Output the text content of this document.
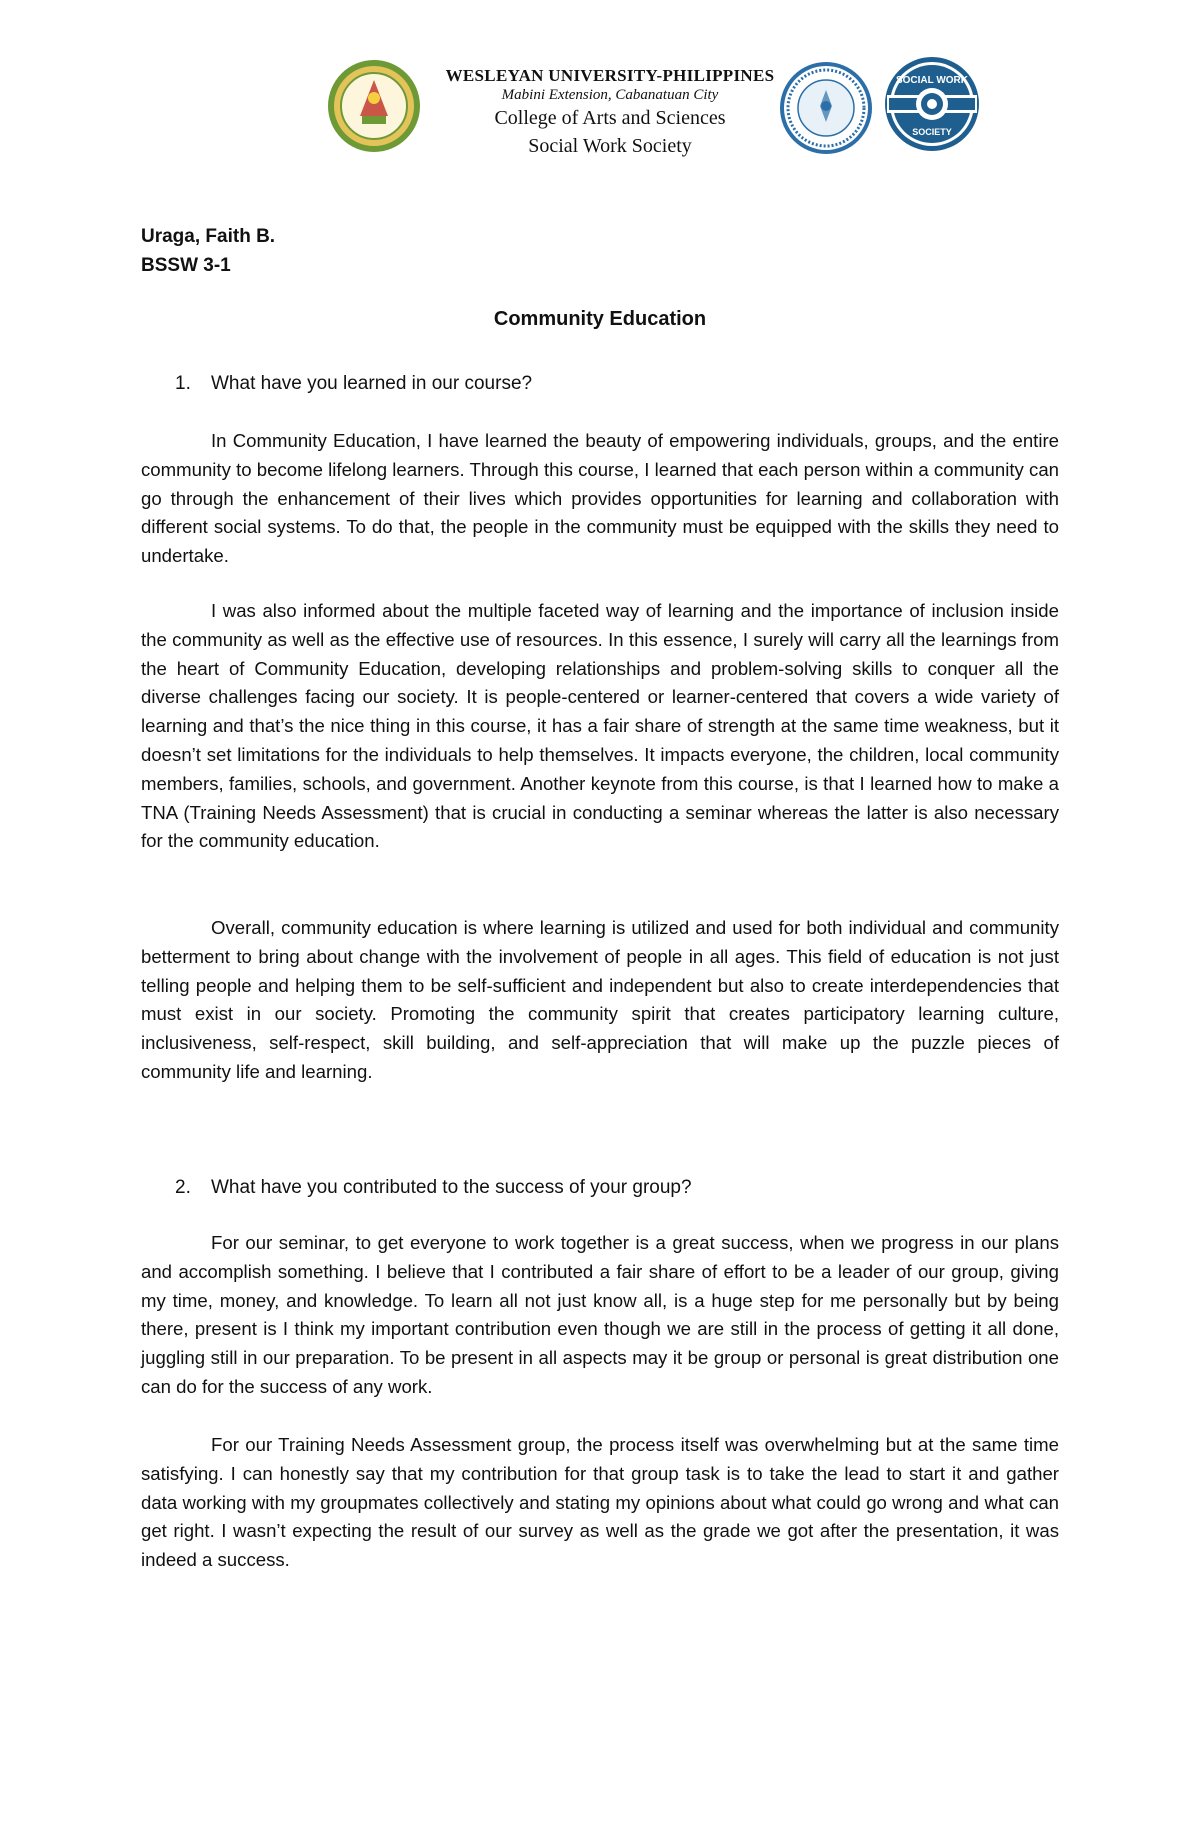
WESLEYAN UNIVERSITY-PHILIPPINES
Mabini Extension, Cabanatuan City
College of Arts and Sciences
Social Work Society
SOCIAL WORK
SOCIETY
Uraga, Faith B.
BSSW 3-1
Community Education
1. What have you learned in our course?

In Community Education, I have learned the beauty of empowering individuals, groups, and the entire community to become lifelong learners. Through this course, I learned that each person within a community can go through the enhancement of their lives which provides opportunities for learning and collaboration with different social systems. To do that, the people in the community must be equipped with the skills they need to undertake.

I was also informed about the multiple faceted way of learning and the importance of inclusion inside the community as well as the effective use of resources. In this essence, I surely will carry all the learnings from the heart of Community Education, developing relationships and problem-solving skills to conquer all the diverse challenges facing our society. It is people-centered or learner-centered that covers a wide variety of learning and that’s the nice thing in this course, it has a fair share of strength at the same time weakness, but it doesn’t set limitations for the individuals to help themselves. It impacts everyone, the children, local community members, families, schools, and government. Another keynote from this course, is that I learned how to make a TNA (Training Needs Assessment) that is crucial in conducting a seminar whereas the latter is also necessary for the community education.

Overall, community education is where learning is utilized and used for both individual and community betterment to bring about change with the involvement of people in all ages. This field of education is not just telling people and helping them to be self-sufficient and independent but also to create interdependencies that must exist in our society. Promoting the community spirit that creates participatory learning culture, inclusiveness, self-respect, skill building, and self-appreciation that will make up the puzzle pieces of community life and learning.

2. What have you contributed to the success of your group?

For our seminar, to get everyone to work together is a great success, when we progress in our plans and accomplish something. I believe that I contributed a fair share of effort to be a leader of our group, giving my time, money, and knowledge. To learn all not just know all, is a huge step for me personally but by being there, present is I think my important contribution even though we are still in the process of getting it all done, juggling still in our preparation. To be present in all aspects may it be group or personal is great distribution one can do for the success of any work.

For our Training Needs Assessment group, the process itself was overwhelming but at the same time satisfying. I can honestly say that my contribution for that group task is to take the lead to start it and gather data working with my groupmates collectively and stating my opinions about what could go wrong and what can get right. I wasn’t expecting the result of our survey as well as the grade we got after the presentation, it was indeed a success.
